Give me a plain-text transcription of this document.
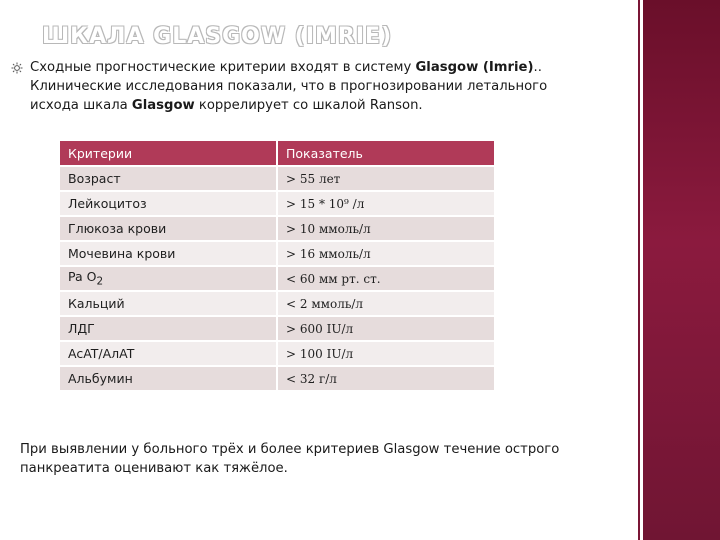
ШКАЛА GLASGOW (IMRIE)

Сходные прогностические критерии входят в систему Glasgow (Imrie).. Клинические исследования показали, что в прогнозировании летального исхода шкала Glasgow коррелирует со шкалой Ranson.

Критерии	Показатель
Возраст	> 55 лет
Лейкоцитоз	> 15 * 10⁹ /л
Глюкоза крови	> 10 ммоль/л
Мочевина крови	> 16 ммоль/л
Pa $O_2$	< 60 мм рт. ст.
Кальций	< 2 ммоль/л
ЛДГ	> 600 IU/л
AcAT/AлAT	> 100 IU/л
Альбумин	< 32 г/л

При выявлении у больного трёх и более критериев Glasgow течение острого панкреатита оценивают как тяжёлое.
